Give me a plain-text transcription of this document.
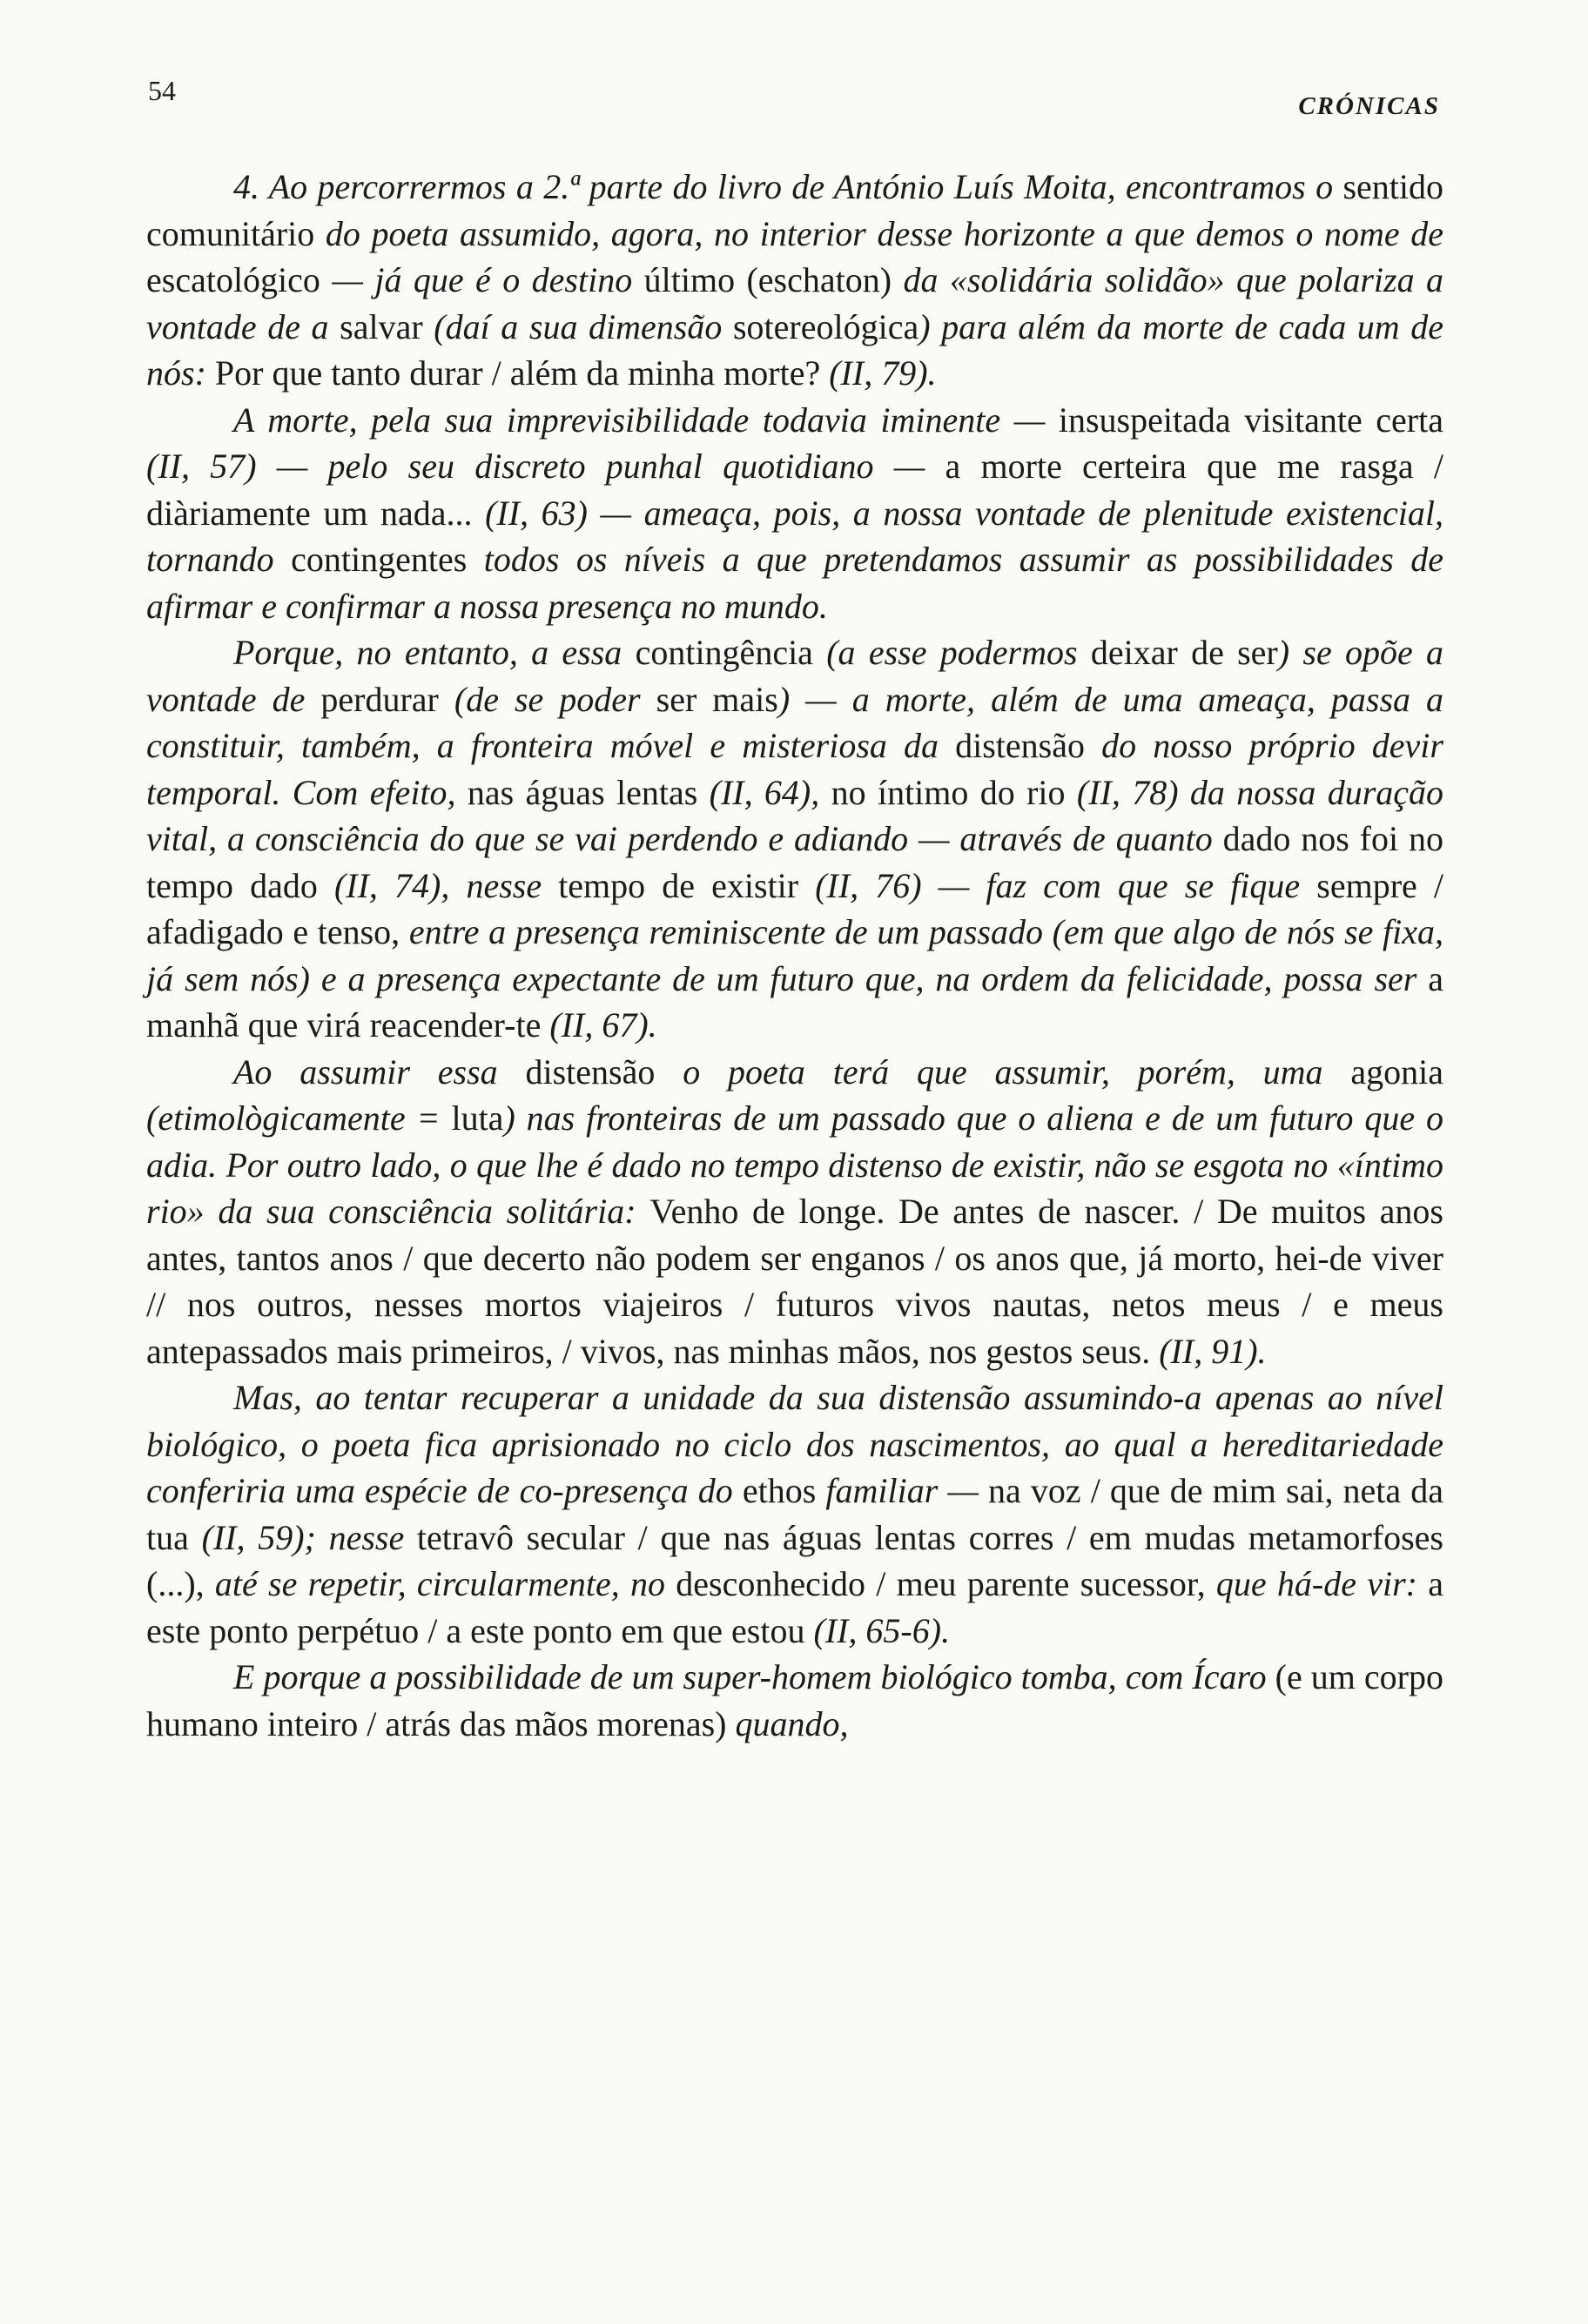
54	CRÓNICAS

4. Ao percorrermos a 2.ª parte do livro de António Luís Moita, encontramos o sentido comunitário do poeta assumido, agora, no interior desse horizonte a que demos o nome de escatológico — já que é o destino último (eschaton) da «solidária solidão» que polariza a vontade de a salvar (daí a sua dimensão sotereológica) para além da morte de cada um de nós: Por que tanto durar / além da minha morte? (II, 79).

A morte, pela sua imprevisibilidade todavia iminente — insuspeitada visitante certa (II, 57) — pelo seu discreto punhal quotidiano — a morte certeira que me rasga / diàriamente um nada... (II, 63) — ameaça, pois, a nossa vontade de plenitude existencial, tornando contingentes todos os níveis a que pretendamos assumir as possibilidades de afirmar e confirmar a nossa presença no mundo.

Porque, no entanto, a essa contingência (a esse podermos deixar de ser) se opõe a vontade de perdurar (de se poder ser mais) — a morte, além de uma ameaça, passa a constituir, também, a fronteira móvel e misteriosa da distensão do nosso próprio devir temporal. Com efeito, nas águas lentas (II, 64), no íntimo do rio (II, 78) da nossa duração vital, a consciência do que se vai perdendo e adiando — através de quanto dado nos foi no tempo dado (II, 74), nesse tempo de existir (II, 76) — faz com que se fique sempre / afadigado e tenso, entre a presença reminiscente de um passado (em que algo de nós se fixa, já sem nós) e a presença expectante de um futuro que, na ordem da felicidade, possa ser a manhã que virá reacender-te (II, 67).

Ao assumir essa distensão o poeta terá que assumir, porém, uma agonia (etimològicamente = luta) nas fronteiras de um passado que o aliena e de um futuro que o adia. Por outro lado, o que lhe é dado no tempo distenso de existir, não se esgota no «íntimo rio» da sua consciência solitária: Venho de longe. De antes de nascer. / De muitos anos antes, tantos anos / que decerto não podem ser enganos / os anos que, já morto, hei-de viver // nos outros, nesses mortos viajeiros / futuros vivos nautas, netos meus / e meus antepassados mais primeiros, / vivos, nas minhas mãos, nos gestos seus. (II, 91).

Mas, ao tentar recuperar a unidade da sua distensão assumindo-a apenas ao nível biológico, o poeta fica aprisionado no ciclo dos nascimentos, ao qual a hereditariedade conferiria uma espécie de co-presença do ethos familiar — na voz / que de mim sai, neta da tua (II, 59); nesse tetravô secular / que nas águas lentas corres / em mudas metamorfoses (...), até se repetir, circularmente, no desconhecido / meu parente sucessor, que há-de vir: a este ponto perpétuo / a este ponto em que estou (II, 65-6).

E porque a possibilidade de um super-homem biológico tomba, com Ícaro (e um corpo humano inteiro / atrás das mãos morenas) quando,
